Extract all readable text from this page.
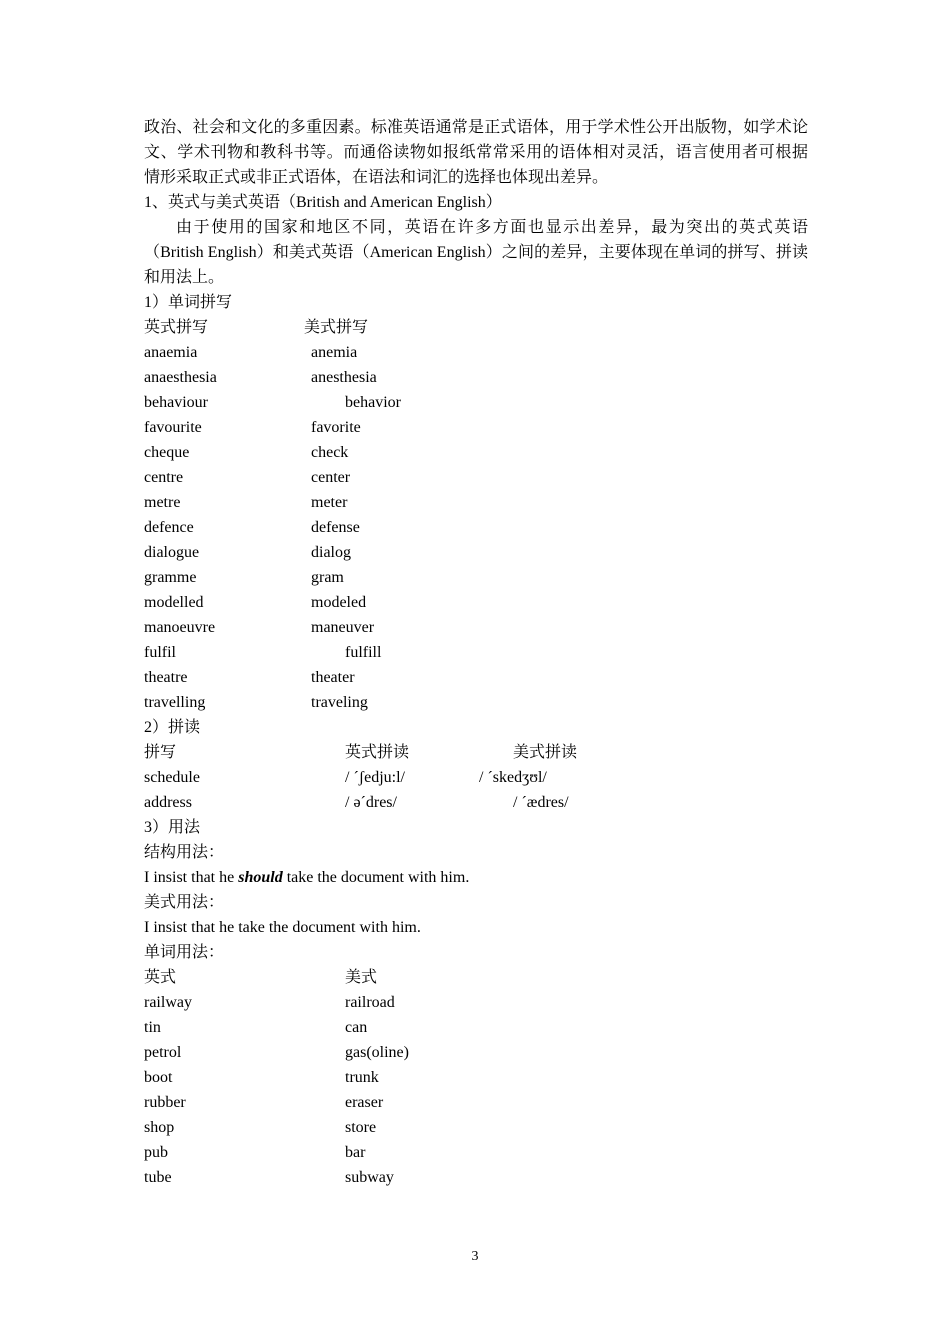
政治、社会和文化的多重因素。标准英语通常是正式语体，用于学术性公开出版物，如学术论
文、学术刊物和教科书等。而通俗读物如报纸常常采用的语体相对灵活，语言使用者可根据
情形采取正式或非正式语体，在语法和词汇的选择也体现出差异。
1、英式与美式英语（British and American English）
由于使用的国家和地区不同，英语在许多方面也显示出差异，最为突出的英式英语
（British English）和美式英语（American English）之间的差异，主要体现在单词的拼写、拼读
和用法上。
1）单词拼写
英式拼写	美式拼写
anaemia	anemia
anaesthesia	anesthesia
behaviour	behavior
favourite	favorite
cheque	check
centre	center
metre	meter
defence	defense
dialogue	dialog
gramme	gram
modelled	modeled
manoeuvre	maneuver
fulfil	fulfill
theatre	theater
travelling	traveling
2）拼读
拼写	英式拼读	美式拼读
schedule	/ ˊʃedju:l/	/ ˊskedʒʊl/
address	/ əˊdres/	/ ˊædres/
3）用法
结构用法：
I insist that he should take the document with him.
美式用法：
I insist that he take the document with him.
单词用法：
英式	美式
railway	railroad
tin	can
petrol	gas(oline)
boot	trunk
rubber	eraser
shop	store
pub	bar
tube	subway
3
